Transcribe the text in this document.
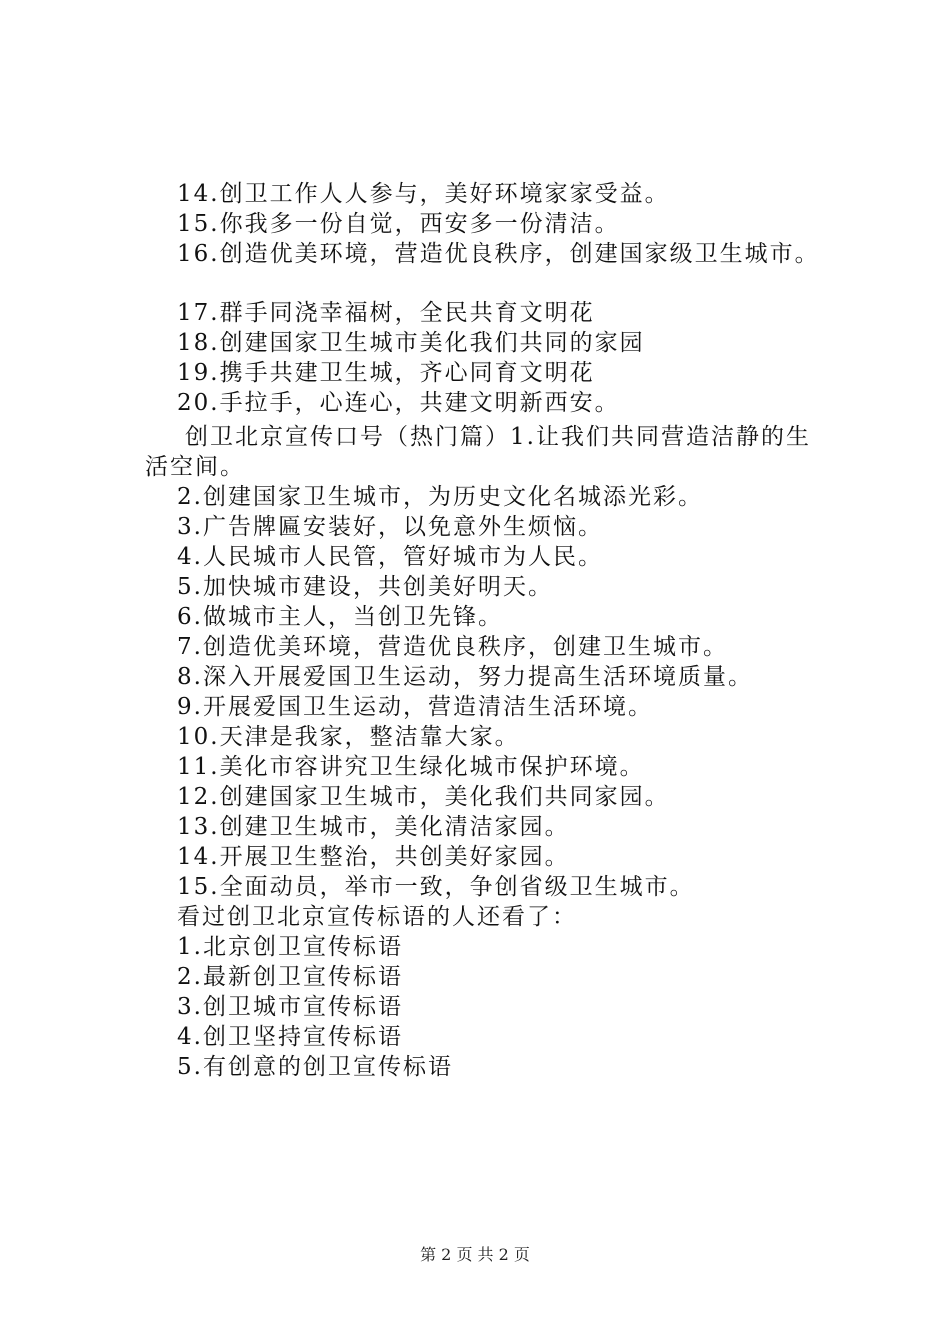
14.创卫工作人人参与，美好环境家家受益。
15.你我多一份自觉，西安多一份清洁。
16.创造优美环境，营造优良秩序，创建国家级卫生城市。
17.群手同浇幸福树，全民共育文明花
18.创建国家卫生城市美化我们共同的家园
19.携手共建卫生城，齐心同育文明花
20.手拉手，心连心，共建文明新西安。
创卫北京宣传口号（热门篇）1.让我们共同营造洁静的生
活空间。
2.创建国家卫生城市，为历史文化名城添光彩。
3.广告牌匾安装好，以免意外生烦恼。
4.人民城市人民管，管好城市为人民。
5.加快城市建设，共创美好明天。
6.做城市主人，当创卫先锋。
7.创造优美环境，营造优良秩序，创建卫生城市。
8.深入开展爱国卫生运动，努力提高生活环境质量。
9.开展爱国卫生运动，营造清洁生活环境。
10.天津是我家，整洁靠大家。
11.美化市容讲究卫生绿化城市保护环境。
12.创建国家卫生城市，美化我们共同家园。
13.创建卫生城市，美化清洁家园。
14.开展卫生整治，共创美好家园。
15.全面动员，举市一致，争创省级卫生城市。
看过创卫北京宣传标语的人还看了：
1.北京创卫宣传标语
2.最新创卫宣传标语
3.创卫城市宣传标语
4.创卫坚持宣传标语
5.有创意的创卫宣传标语
第 2 页 共 2 页
